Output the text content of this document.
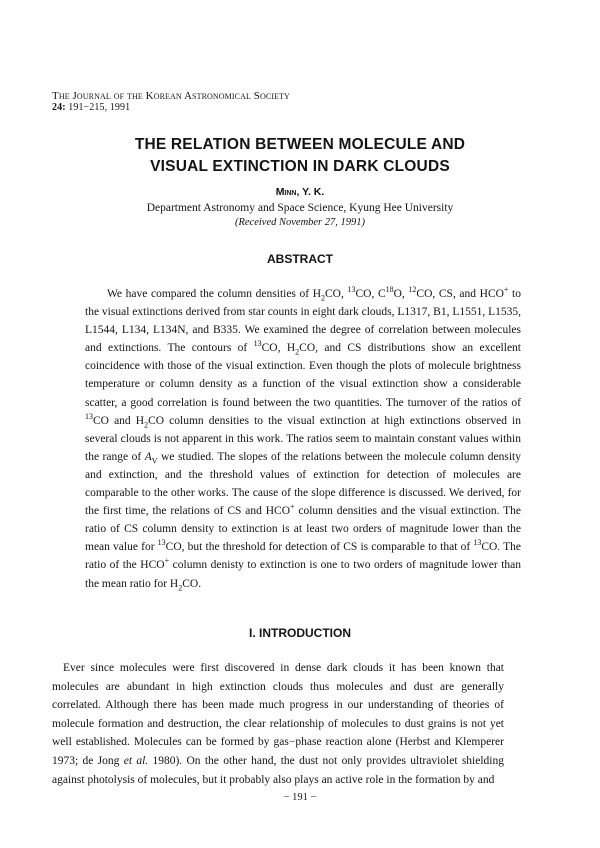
The Journal of the Korean Astronomical Society
24: 191−215, 1991
THE RELATION BETWEEN MOLECULE AND
VISUAL EXTINCTION IN DARK CLOUDS
Minn, Y. K.
Department Astronomy and Space Science, Kyung Hee University
(Received November 27, 1991)
ABSTRACT

We have compared the column densities of $H_2CO$, $^{13}$CO, $C^{18}O$, $^{12}$CO, CS, and HCO+ to the visual extinctions derived from star counts in eight dark clouds, L1317, B1, L1551, L1535, L1544, L134, L134N, and B335. We examined the degree of correlation between molecules and extinctions. The contours of $^{13}$CO, $H_2CO$, and CS distributions show an excellent coincidence with those of the visual extinction. Even though the plots of molecule brightness temperature or column density as a function of the visual extinction show a considerable scatter, a good correlation is found between the two quantities. The turnover of the ratios of $^{13}$CO and $H_2CO$ column densities to the visual extinction at high extinctions observed in several clouds is not apparent in this work. The ratios seem to maintain constant values within the range of $A_V$ we studied. The slopes of the relations between the molecule column density and extinction, and the threshold values of extinction for detection of molecules are comparable to the other works. The cause of the slope difference is discussed. We derived, for the first time, the relations of CS and HCO+ column densities and the visual extinction. The ratio of CS column density to extinction is at least two orders of magnitude lower than the mean value for $^{13}$CO, but the threshold for detection of CS is comparable to that of $^{13}$CO. The ratio of the HCO+ column denisty to extinction is one to two orders of magnitude lower than the mean ratio for $H_2CO$.

I. INTRODUCTION

Ever since molecules were first discovered in dense dark clouds it has been known that molecules are abundant in high extinction clouds thus molecules and dust are generally correlated. Although there has been made much progress in our understanding of theories of molecule formation and destruction, the clear relationship of molecules to dust grains is not yet well established. Molecules can be formed by gas−phase reaction alone (Herbst and Klemperer 1973; de Jong et al. 1980). On the other hand, the dust not only provides ultraviolet shielding against photolysis of molecules, but it probably also plays an active role in the formation by and

− 191 −
